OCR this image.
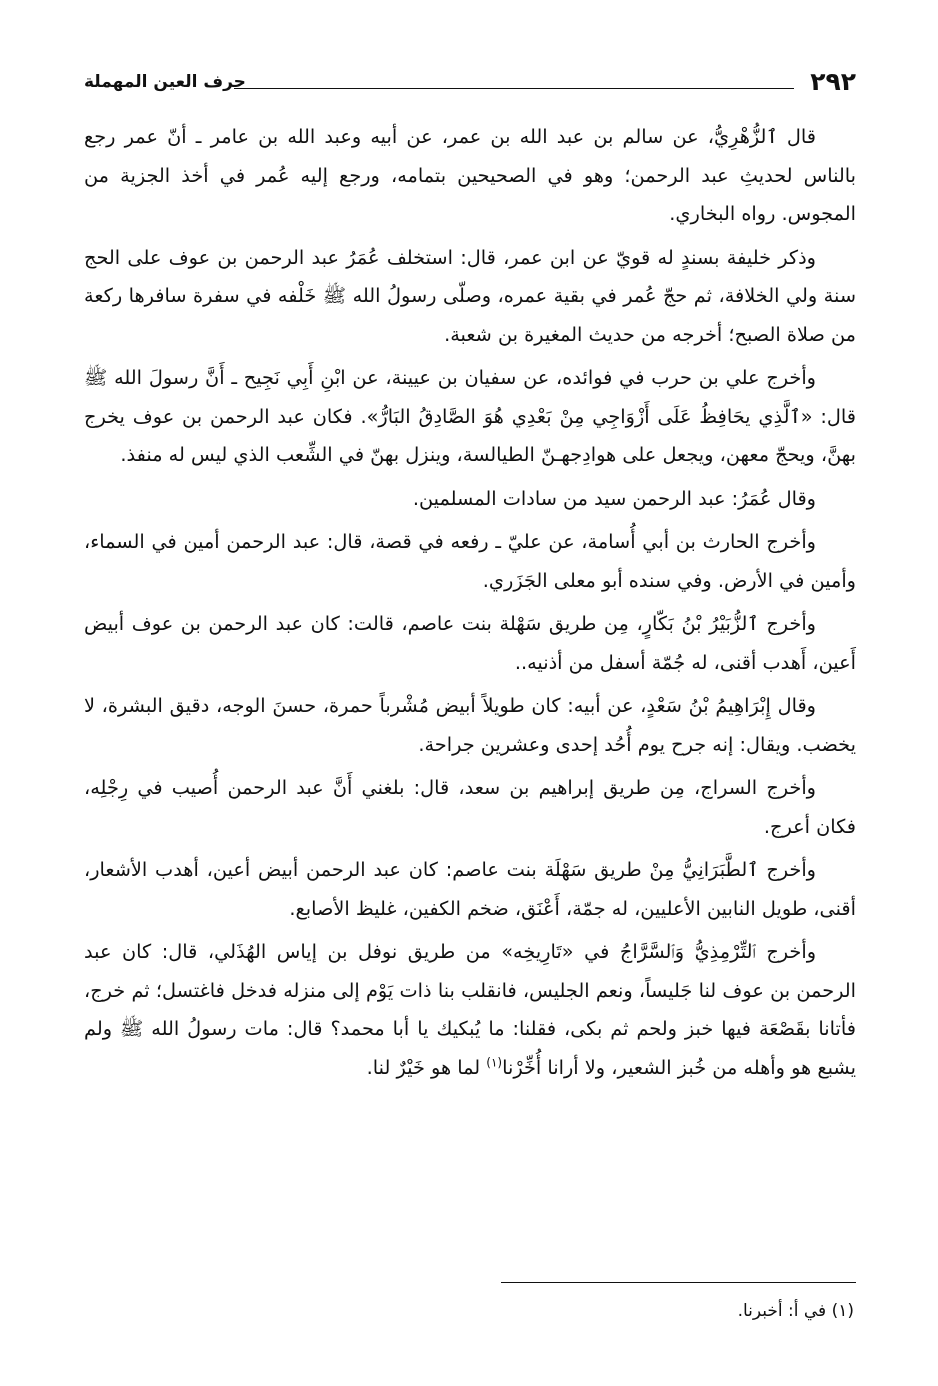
٢٩٢
حرف العين المهملة

قال ٱلزُّهْرِيُّ، عن سالم بن عبد الله بن عمر، عن أبيه وعبد الله بن عامر ـ أنّ عمر رجع بالناس لحديثِ عبد الرحمن؛ وهو في الصحيحين بتمامه، ورجع إليه عُمر في أخذ الجزية من المجوس. رواه البخاري.

وذكر خليفة بسندٍ له قويّ عن ابن عمر، قال: استخلف عُمَرُ عبد الرحمن بن عوف على الحج سنة ولي الخلافة، ثم حجّ عُمر في بقية عمره، وصلّى رسولُ الله ﷺ خَلْفه في سفرة سافرها ركعة من صلاة الصبح؛ أخرجه من حديث المغيرة بن شعبة.

وأخرج علي بن حرب في فوائده، عن سفيان بن عيينة، عن ابْنِ أَبِي نَجِيح ـ أَنَّ رسولَ الله ﷺ قال: «ٱلَّذِي يحَافِظُ عَلَى أَزْوَاجِي مِنْ بَعْدِي هُوَ الصَّادِقُ البَارُّ». فكان عبد الرحمن بن عوف يخرج بهنَّ، ويحجّ معهن، ويجعل على هوادِجهـنّ الطيالسة، وينزل بهنّ في الشِّعب الذي ليس له منفذ.

وقال عُمَرُ: عبد الرحمن سيد من سادات المسلمين.

وأخرج الحارث بن أبي أُسامة، عن عليّ ـ رفعه في قصة، قال: عبد الرحمن أمين في السماء، وأمين في الأرض. وفي سنده أبو معلى الجَزَري.

وأخرج ٱلزُّبَيْرُ بْنُ بَكّارٍ، مِن طريق سَهْلة بنت عاصم، قالت: كان عبد الرحمن بن عوف أبيض أَعين، أَهدب أقنى، له جُمّة أسفل من أذنيه..

وقال إِبْرَاهِيمُ بْنُ سَعْدٍ، عن أبيه: كان طويلاً أبيض مُشْرباً حمرة، حسنَ الوجه، دقيق البشرة، لا يخضب. ويقال: إنه جرح يوم أُحُد إحدى وعشرين جراحة.

وأخرج السراج، مِن طريق إبراهيم بن سعد، قال: بلغني أَنَّ عبد الرحمن أُصيب في رِجْلِه، فكان أعرج.

وأخرج ٱلطَّبَرَانِيُّ مِنْ طريق سَهْلَة بنت عاصم: كان عبد الرحمن أبيض أعين، أهدب الأشعار، أقنى، طويل النابين الأعليين، له جمّة، أَعْنَق، ضخم الكفين، غليظ الأصابع.

وأخرج ٱلتِّرْمِذِيُّ وَٱلسَّرَّاجُ في «تَارِيخِه» من طريق نوفل بن إياس الهُذَلي، قال: كان عبد الرحمن بن عوف لنا جَليساً، ونعم الجليس، فانقلب بنا ذات يَوْم إلى منزله فدخل فاغتسل؛ ثم خرج، فأتانا بقَصْعَة فيها خبز ولحم ثم بكى، فقلنا: ما يُبكيك يا أبا محمد؟ قال: مات رسولُ الله ﷺ ولم يشبع هو وأهله من خُبز الشعير، ولا أرانا أُخِّرْنا$^{(١)}$ لما هو خَيْرٌ لنا.

(١) في أ: أخبرنا.
